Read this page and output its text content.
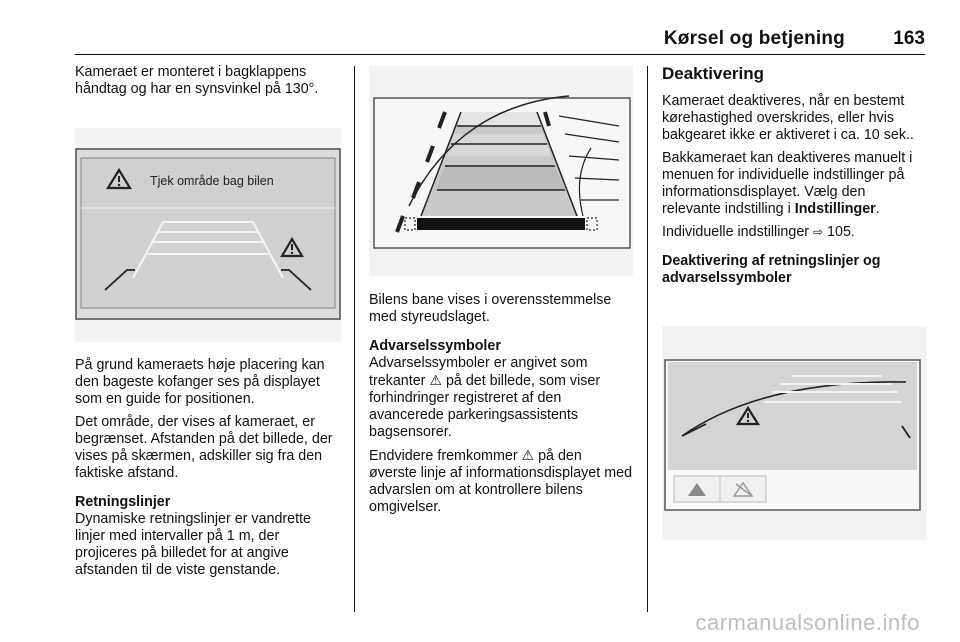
Kørsel og betjening	163

Kameraet er monteret i bagklappens håndtag og har en synsvinkel på 130°.

Tjek område bag bilen

På grund kameraets høje placering kan den bageste kofanger ses på displayet som en guide for positionen.

Det område, der vises af kameraet, er begrænset. Afstanden på det billede, der vises på skærmen, adskiller sig fra den faktiske afstand.

Retningslinjer

Dynamiske retningslinjer er vandrette linjer med intervaller på 1 m, der projiceres på billedet for at angive afstanden til de viste genstande.

Bilens bane vises i overensstemmelse med styreudslaget.

Advarselssymboler

Advarselssymboler er angivet som trekanter ⚠ på det billede, som viser forhindringer registreret af den avancerede parkeringsassistents bagsensorer.

Endvidere fremkommer ⚠ på den øverste linje af informationsdisplayet med advarslen om at kontrollere bilens omgivelser.

Deaktivering

Kameraet deaktiveres, når en bestemt kørehastighed overskrides, eller hvis bakgearet ikke er aktiveret i ca. 10 sek..

Bakkameraet kan deaktiveres manuelt i menuen for individuelle indstillinger på informationsdisplayet. Vælg den relevante indstilling i Indstillinger.

Individuelle indstillinger ⇨ 105.

Deaktivering af retningslinjer og advarselssymboler
carmanualsonline.info
